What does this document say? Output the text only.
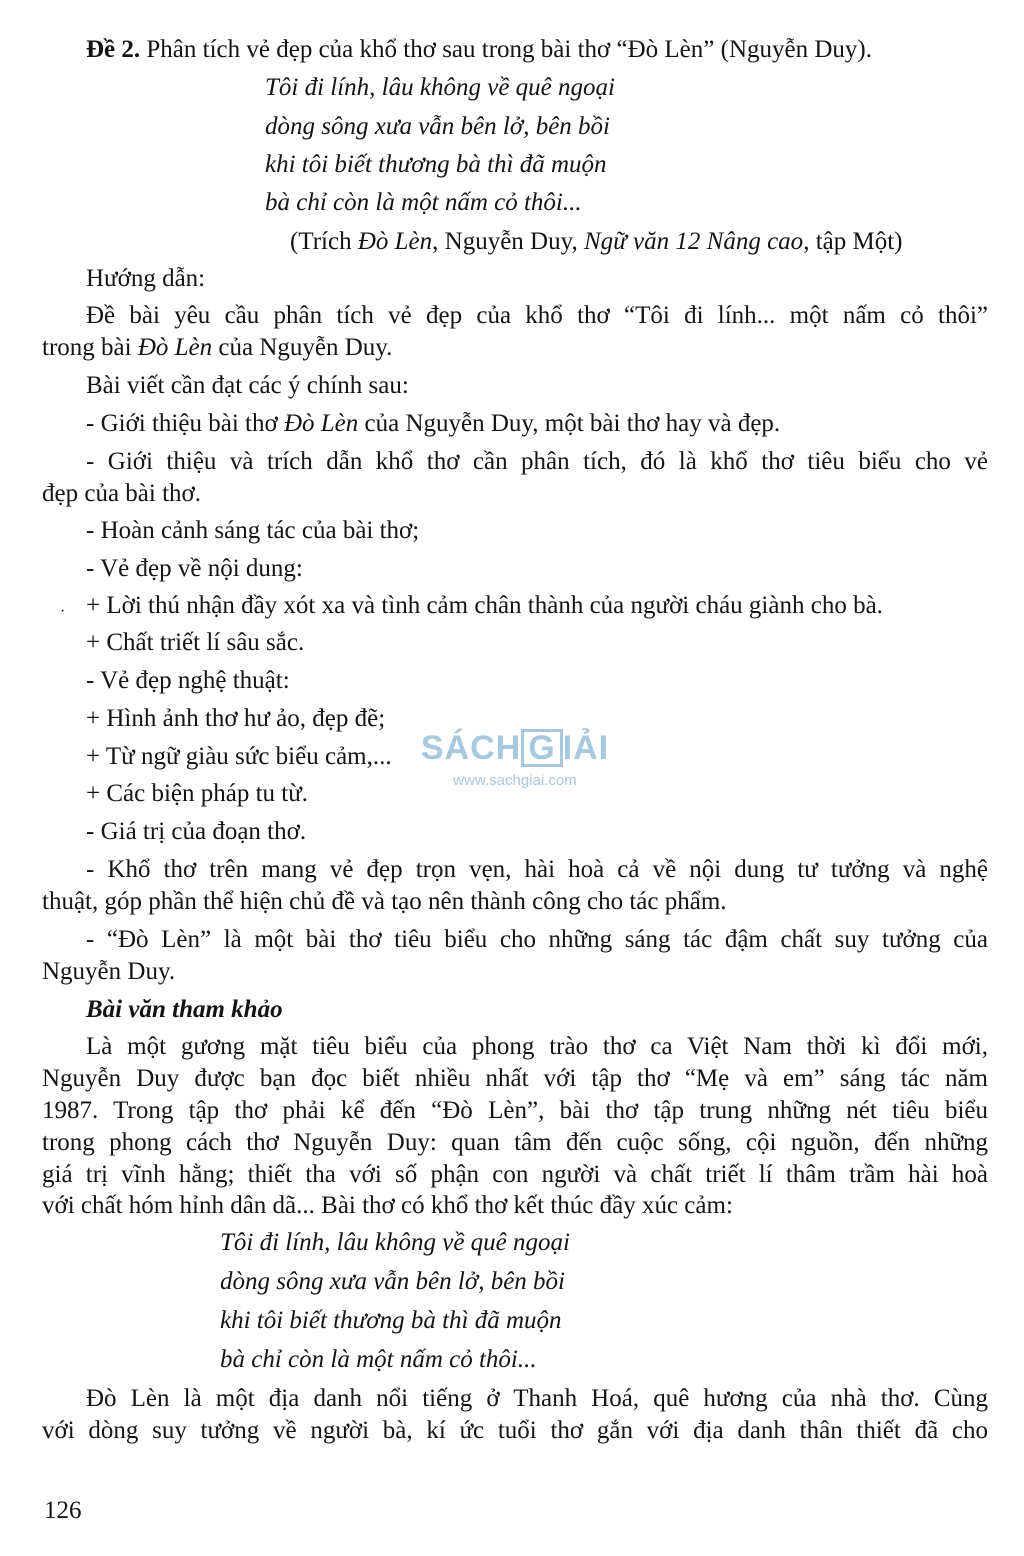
Đề 2. Phân tích vẻ đẹp của khổ thơ sau trong bài thơ “Đò Lèn” (Nguyễn Duy).
Tôi đi lính, lâu không về quê ngoại
dòng sông xưa vẫn bên lở, bên bồi
khi tôi biết thương bà thì đã muộn
bà chỉ còn là một nấm cỏ thôi...
(Trích Đò Lèn, Nguyễn Duy, Ngữ văn 12 Nâng cao, tập Một)
Hướng dẫn:
Đề bài yêu cầu phân tích vẻ đẹp của khổ thơ “Tôi đi lính... một nấm cỏ thôi”
trong bài Đò Lèn của Nguyễn Duy.
Bài viết cần đạt các ý chính sau:
- Giới thiệu bài thơ Đò Lèn của Nguyễn Duy, một bài thơ hay và đẹp.
- Giới thiệu và trích dẫn khổ thơ cần phân tích, đó là khổ thơ tiêu biểu cho vẻ
đẹp của bài thơ.
- Hoàn cảnh sáng tác của bài thơ;
- Vẻ đẹp về nội dung:
· + Lời thú nhận đầy xót xa và tình cảm chân thành của người cháu giành cho bà.
+ Chất triết lí sâu sắc.
- Vẻ đẹp nghệ thuật:
+ Hình ảnh thơ hư ảo, đẹp đẽ;
+ Từ ngữ giàu sức biểu cảm,...
+ Các biện pháp tu từ.
- Giá trị của đoạn thơ.
- Khổ thơ trên mang vẻ đẹp trọn vẹn, hài hoà cả về nội dung tư tưởng và nghệ
thuật, góp phần thể hiện chủ đề và tạo nên thành công cho tác phẩm.
- “Đò Lèn” là một bài thơ tiêu biểu cho những sáng tác đậm chất suy tưởng của
Nguyễn Duy.
Bài văn tham khảo
Là một gương mặt tiêu biểu của phong trào thơ ca Việt Nam thời kì đổi mới,
Nguyễn Duy được bạn đọc biết nhiều nhất với tập thơ “Mẹ và em” sáng tác năm
1987. Trong tập thơ phải kể đến “Đò Lèn”, bài thơ tập trung những nét tiêu biểu
trong phong cách thơ Nguyễn Duy: quan tâm đến cuộc sống, cội nguồn, đến những
giá trị vĩnh hằng; thiết tha với số phận con người và chất triết lí thâm trầm hài hoà
với chất hóm hỉnh dân dã... Bài thơ có khổ thơ kết thúc đầy xúc cảm:
Tôi đi lính, lâu không về quê ngoại
dòng sông xưa vẫn bên lở, bên bồi
khi tôi biết thương bà thì đã muộn
bà chỉ còn là một nấm cỏ thôi...
Đò Lèn là một địa danh nổi tiếng ở Thanh Hoá, quê hương của nhà thơ. Cùng
với dòng suy tưởng về người bà, kí ức tuổi thơ gắn với địa danh thân thiết đã cho
SÁCH G IẢI
www.sachgiai.com
126
